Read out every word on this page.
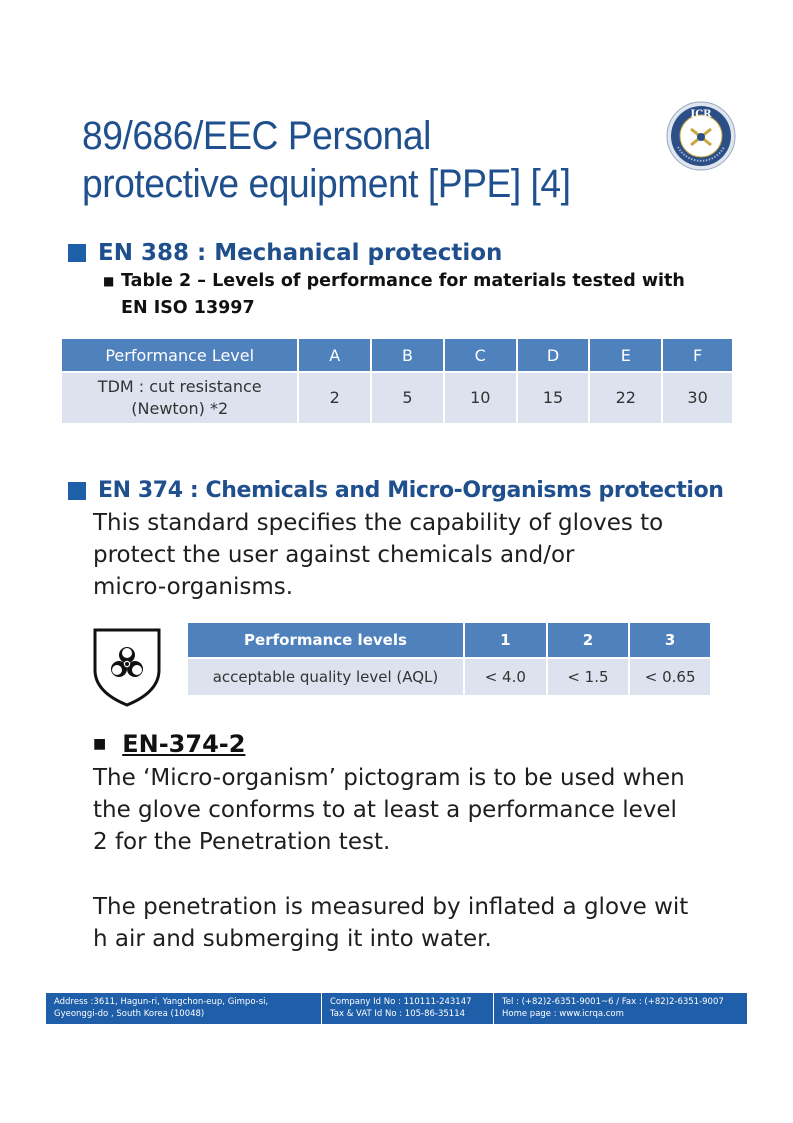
89/686/EEC Personal
protective equipment [PPE] [4]
ICR
EN 388 : Mechanical protection
■ Table 2 – Levels of performance for materials tested with
EN ISO 13997
Performance Level	A	B	C	D	E	F

TDM : cut resistance
(Newton) *2	2	5	10	15	22	30
EN 374 : Chemicals and Micro-Organisms protection
This standard specifies the capability of gloves to
protect the user against chemicals and/or
micro-organisms.
Performance levels	1	2	3
acceptable quality level (AQL)	< 4.0	< 1.5	< 0.65
■ EN-374-2
The ‘Micro-organism’ pictogram is to be used when
the glove conforms to at least a performance level
2 for the Penetration test.
The penetration is measured by inflated a glove wit
h air and submerging it into water.
Address :3611, Hagun-ri, Yangchon-eup, Gimpo-si,
Gyeonggi-do , South Korea (10048)
Company Id No : 110111-243147
Tax & VAT Id No : 105-86-35114
Tel : (+82)2-6351-9001~6 / Fax : (+82)2-6351-9007
Home page : www.icrqa.com
